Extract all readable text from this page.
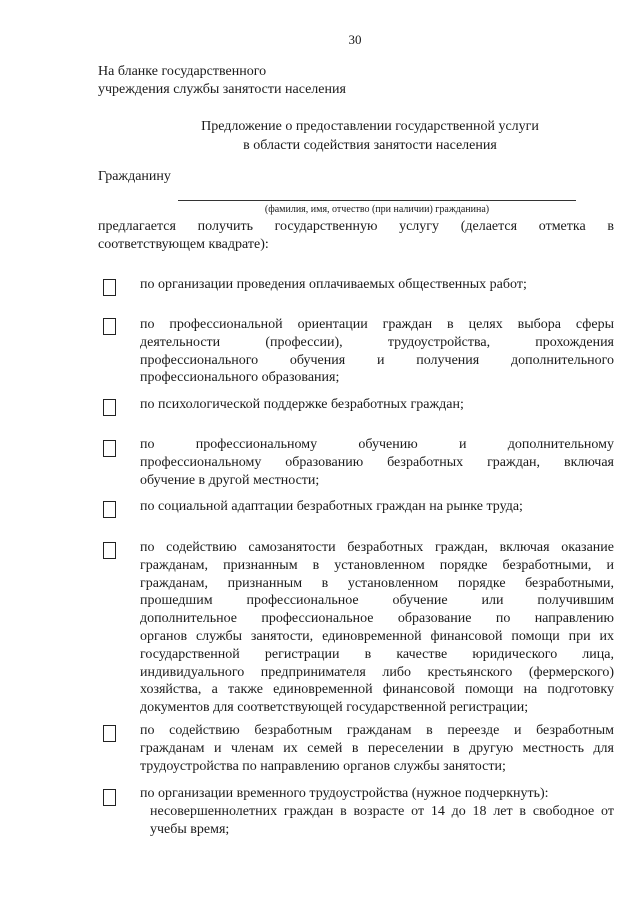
30
На бланке государственного
учреждения службы занятости населения
Предложение о предоставлении государственной услуги
в области содействия занятости населения
Гражданину
(фамилия, имя, отчество (при наличии) гражданина)
предлагается получить государственную услугу (делается отметка в
соответствующем квадрате):
по организации проведения оплачиваемых общественных работ;
по профессиональной ориентации граждан в целях выбора сферы
деятельности (профессии), трудоустройства, прохождения
профессионального обучения и получения дополнительного
профессионального образования;
по психологической поддержке безработных граждан;
по профессиональному обучению и дополнительному
профессиональному образованию безработных граждан, включая
обучение в другой местности;
по социальной адаптации безработных граждан на рынке труда;
по содействию самозанятости безработных граждан, включая оказание
гражданам, признанным в установленном порядке безработными, и
гражданам, признанным в установленном порядке безработными,
прошедшим профессиональное обучение или получившим
дополнительное профессиональное образование по направлению
органов службы занятости, единовременной финансовой помощи при их
государственной регистрации в качестве юридического лица,
индивидуального предпринимателя либо крестьянского (фермерского)
хозяйства, а также единовременной финансовой помощи на подготовку
документов для соответствующей государственной регистрации;
по содействию безработным гражданам в переезде и безработным
гражданам и членам их семей в переселении в другую местность для
трудоустройства по направлению органов службы занятости;
по организации временного трудоустройства (нужное подчеркнуть):
несовершеннолетних граждан в возрасте от 14 до 18 лет в свободное от
учебы время;
